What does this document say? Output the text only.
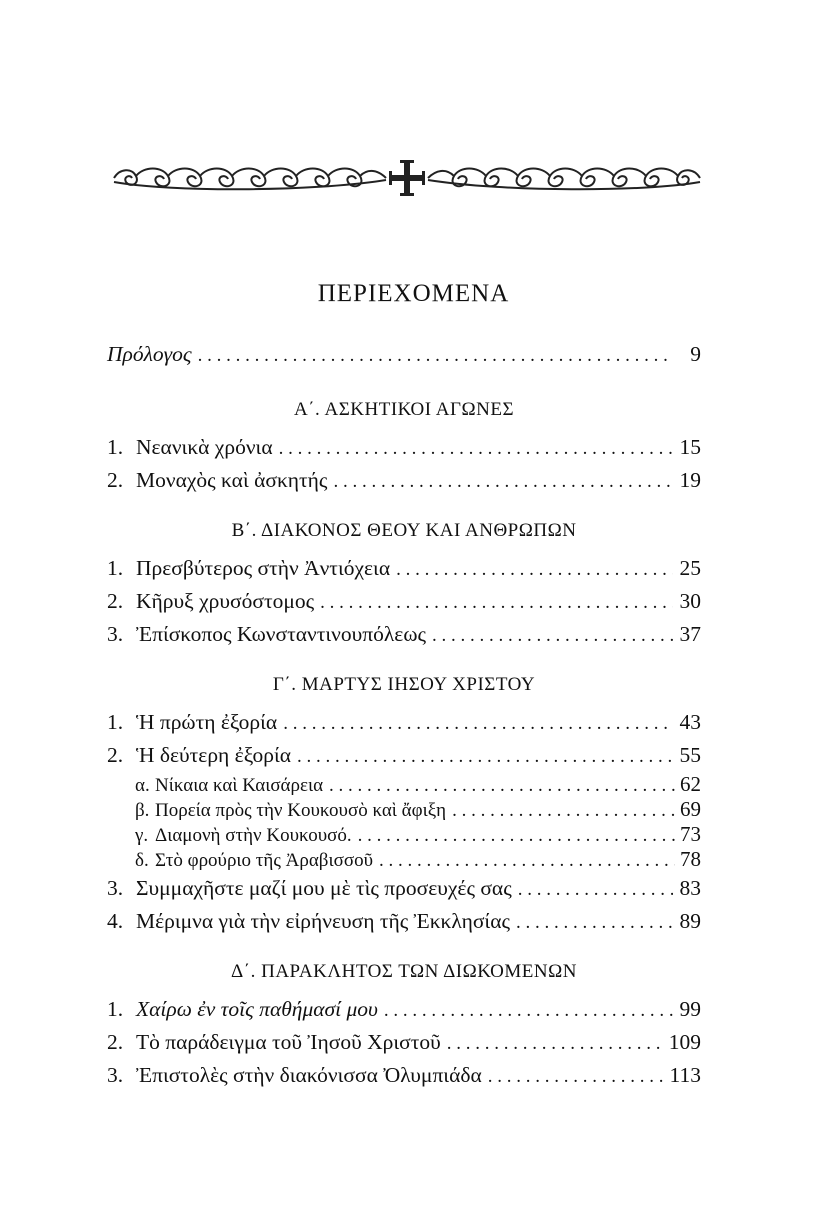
ΠΕΡΙΕΧΟΜΕΝΑ
Πρόλογος . . .	9
Α΄. ΑΣΚΗΤΙΚΟΙ ΑΓΩΝΕΣ
1. Νεανικὰ χρόνια . . .	15
2. Μοναχὸς καὶ ἀσκητής . . .	19
Β΄. ΔΙΑΚΟΝΟΣ ΘΕΟΥ ΚΑΙ ΑΝΘΡΩΠΩΝ
1. Πρεσβύτερος στὴν Ἀντιόχεια . . .	25
2. Κῆρυξ χρυσόστομος . . .	30
3. Ἐπίσκοπος Κωνσταντινουπόλεως . . .	37
Γ΄. ΜΑΡΤΥΣ ΙΗΣΟΥ ΧΡΙΣΤΟΥ
1. Ἡ πρώτη ἐξορία . . .	43
2. Ἡ δεύτερη ἐξορία . . .	55
α. Νίκαια καὶ Καισάρεια . . .	62
β. Πορεία πρὸς τὴν Κουκουσὸ καὶ ἄφιξη . . .	69
γ. Διαμονὴ στὴν Κουκουσό. . . .	73
δ. Στὸ φρούριο τῆς Ἀραβισσοῦ . . .	78
3. Συμμαχῆστε μαζί μου μὲ τὶς προσευχές σας . . .	83
4. Μέριμνα γιὰ τὴν εἰρήνευση τῆς Ἐκκλησίας . . .	89
Δ΄. ΠΑΡΑΚΛΗΤΟΣ ΤΩΝ ΔΙΩΚΟΜΕΝΩΝ
1. Χαίρω ἐν τοῖς παθήμασί μου . . .	99
2. Τὸ παράδειγμα τοῦ Ἰησοῦ Χριστοῦ . . .	109
3. Ἐπιστολὲς στὴν διακόνισσα Ὀλυμπιάδα . . .	113
